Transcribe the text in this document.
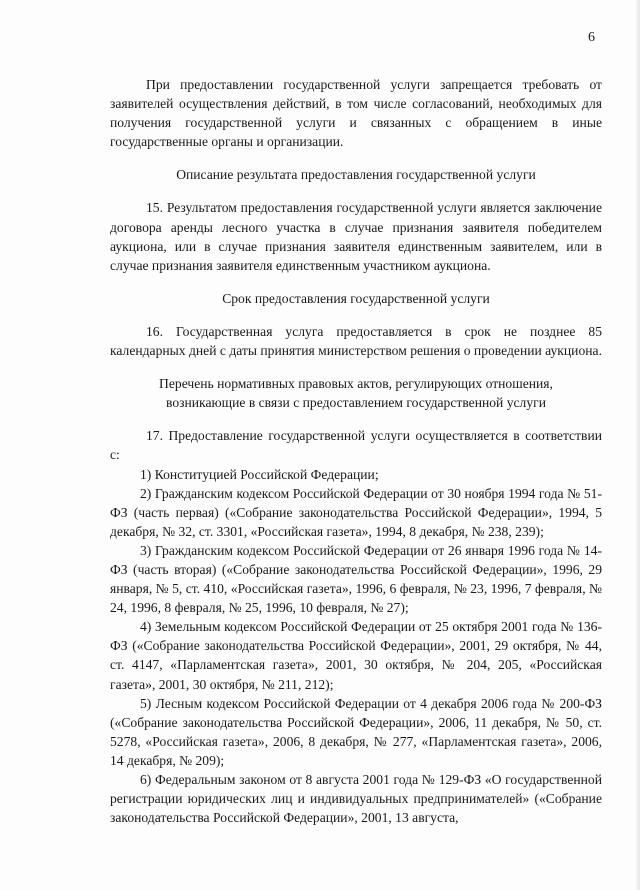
6

При предоставлении государственной услуги запрещается требовать от заявителей осуществления действий, в том числе согласований, необходимых для получения государственной услуги и связанных с обращением в иные государственные органы и организации.

Описание результата предоставления государственной услуги

15. Результатом предоставления государственной услуги является заключение договора аренды лесного участка в случае признания заявителя победителем аукциона, или в случае признания заявителя единственным заявителем, или в случае признания заявителя единственным участником аукциона.

Срок предоставления государственной услуги

16. Государственная услуга предоставляется в срок не позднее 85 календарных дней с даты принятия министерством решения о проведении аукциона.

Перечень нормативных правовых актов, регулирующих отношения,
возникающие в связи с предоставлением государственной услуги

17. Предоставление государственной услуги осуществляется в соответствии с:

1) Конституцией Российской Федерации;

2) Гражданским кодексом Российской Федерации от 30 ноября 1994 года № 51-ФЗ (часть первая) («Собрание законодательства Российской Федерации», 1994, 5 декабря, № 32, ст. 3301, «Российская газета», 1994, 8 декабря, № 238, 239);

3) Гражданским кодексом Российской Федерации от 26 января 1996 года № 14-ФЗ (часть вторая) («Собрание законодательства Российской Федерации», 1996, 29 января, № 5, ст. 410, «Российская газета», 1996, 6 февраля, № 23, 1996, 7 февраля, № 24, 1996, 8 февраля, № 25, 1996, 10 февраля, № 27);

4) Земельным кодексом Российской Федерации от 25 октября 2001 года № 136-ФЗ («Собрание законодательства Российской Федерации», 2001, 29 октября, № 44, ст. 4147, «Парламентская газета», 2001, 30 октября, № 204, 205, «Российская газета», 2001, 30 октября, № 211, 212);

5) Лесным кодексом Российской Федерации от 4 декабря 2006 года № 200-ФЗ («Собрание законодательства Российской Федерации», 2006, 11 декабря, № 50, ст. 5278, «Российская газета», 2006, 8 декабря, № 277, «Парламентская газета», 2006, 14 декабря, № 209);

6) Федеральным законом от 8 августа 2001 года № 129-ФЗ «О государственной регистрации юридических лиц и индивидуальных предпринимателей» («Собрание законодательства Российской Федерации», 2001, 13 августа,
